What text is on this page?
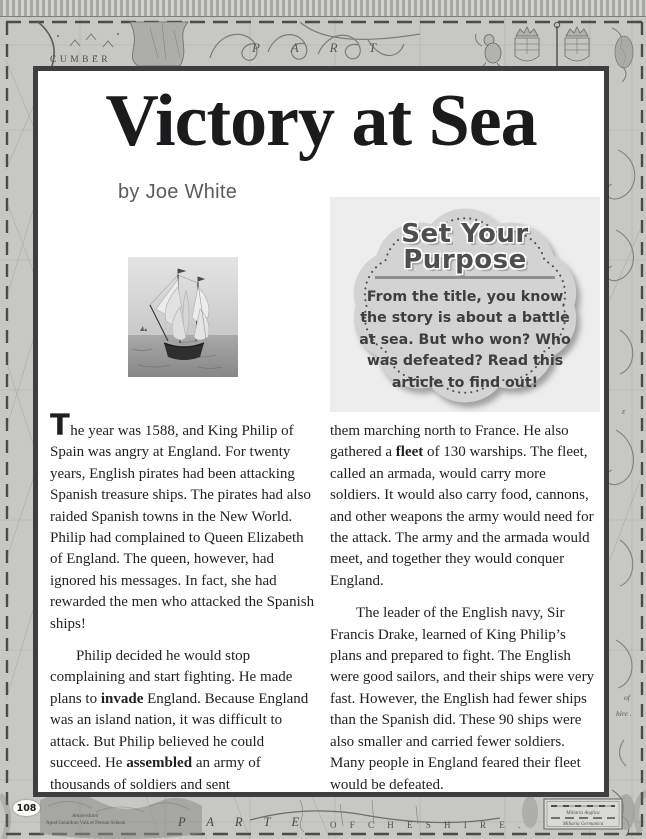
ε
Miliaria Anglica
Miliaria Germanica
CUMBER
P A R T
P A R T E O F C H E S H I R E .
Amsterdami
Apud Gerardum Valk et Petrum Schenk
of
hire .
Victory at Sea
by Joe White
Set Your
Purpose
From the title, you know the story is about a battle at sea. But who won? Who was defeated? Read this article to find out!

The year was 1588, and King Philip of Spain was angry at England. For twenty years, English pirates had been attacking Spanish treasure ships. The pirates had also raided Spanish towns in the New World. Philip had complained to Queen Elizabeth of England. The queen, however, had ignored his messages. In fact, she had rewarded the men who attacked the Spanish ships!

Philip decided he would stop complaining and start fighting. He made plans to invade England. Because England was an island nation, it was difficult to attack. But Philip believed he could succeed. He assembled an army of thousands of soldiers and sent

them marching north to France. He also gathered a fleet of 130 warships. The fleet, called an armada, would carry more soldiers. It would also carry food, cannons, and other weapons the army would need for the attack. The army and the armada would meet, and together they would conquer England.

The leader of the English navy, Sir Francis Drake, learned of King Philip’s plans and prepared to fight. The English were good sailors, and their ships were very fast. However, the English had fewer ships than the Spanish did. These 90 ships were also smaller and carried fewer soldiers. Many people in England feared their fleet would be defeated.

108
